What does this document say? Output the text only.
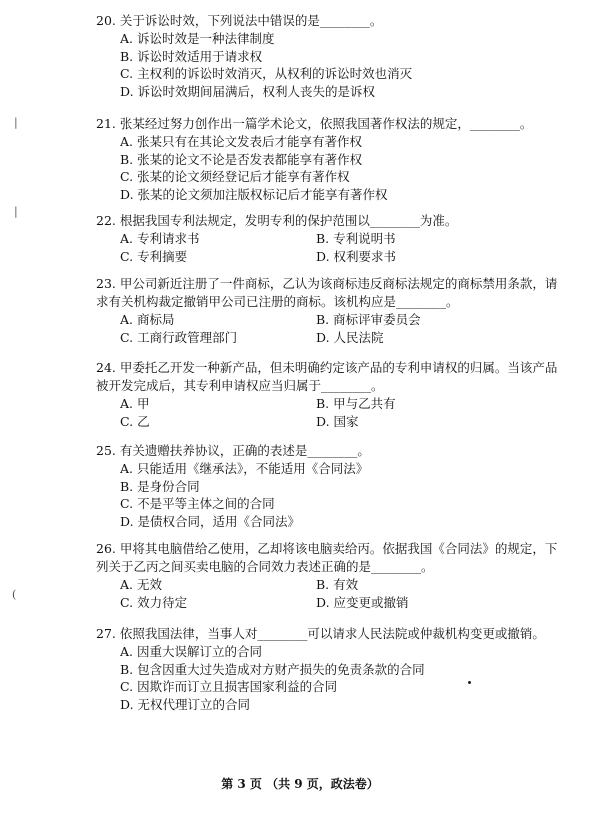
20. 关于诉讼时效，下列说法中错误的是________。

A. 诉讼时效是一种法律制度

B. 诉讼时效适用于请求权

C. 主权利的诉讼时效消灭，从权利的诉讼时效也消灭

D. 诉讼时效期间届满后，权利人丧失的是诉权

21. 张某经过努力创作出一篇学术论文，依照我国著作权法的规定，________。

A. 张某只有在其论文发表后才能享有著作权

B. 张某的论文不论是否发表都能享有著作权

C. 张某的论文须经登记后才能享有著作权

D. 张某的论文须加注版权标记后才能享有著作权

22. 根据我国专利法规定，发明专利的保护范围以________为准。

A. 专利请求书	B. 专利说明书

C. 专利摘要	D. 权利要求书

23. 甲公司新近注册了一件商标，乙认为该商标违反商标法规定的商标禁用条款，请求有关机构裁定撤销甲公司已注册的商标。该机构应是________。

A. 商标局	B. 商标评审委员会

C. 工商行政管理部门	D. 人民法院

24. 甲委托乙开发一种新产品，但未明确约定该产品的专利申请权的归属。当该产品被开发完成后，其专利申请权应当归属于________。

A. 甲	B. 甲与乙共有

C. 乙	D. 国家

25. 有关遗赠扶养协议，正确的表述是________。

A. 只能适用《继承法》，不能适用《合同法》

B. 是身份合同

C. 不是平等主体之间的合同

D. 是债权合同，适用《合同法》

26. 甲将其电脑借给乙使用，乙却将该电脑卖给丙。依据我国《合同法》的规定，下列关于乙丙之间买卖电脑的合同效力表述正确的是________。

A. 无效	B. 有效

C. 效力待定	D. 应变更或撤销

27. 依照我国法律，当事人对________可以请求人民法院或仲裁机构变更或撤销。

A. 因重大误解订立的合同

B. 包含因重大过失造成对方财产损失的免责条款的合同

C. 因欺诈而订立且损害国家利益的合同

D. 无权代理订立的合同

第 3 页 （共 9 页，政法卷）
|
|
(
